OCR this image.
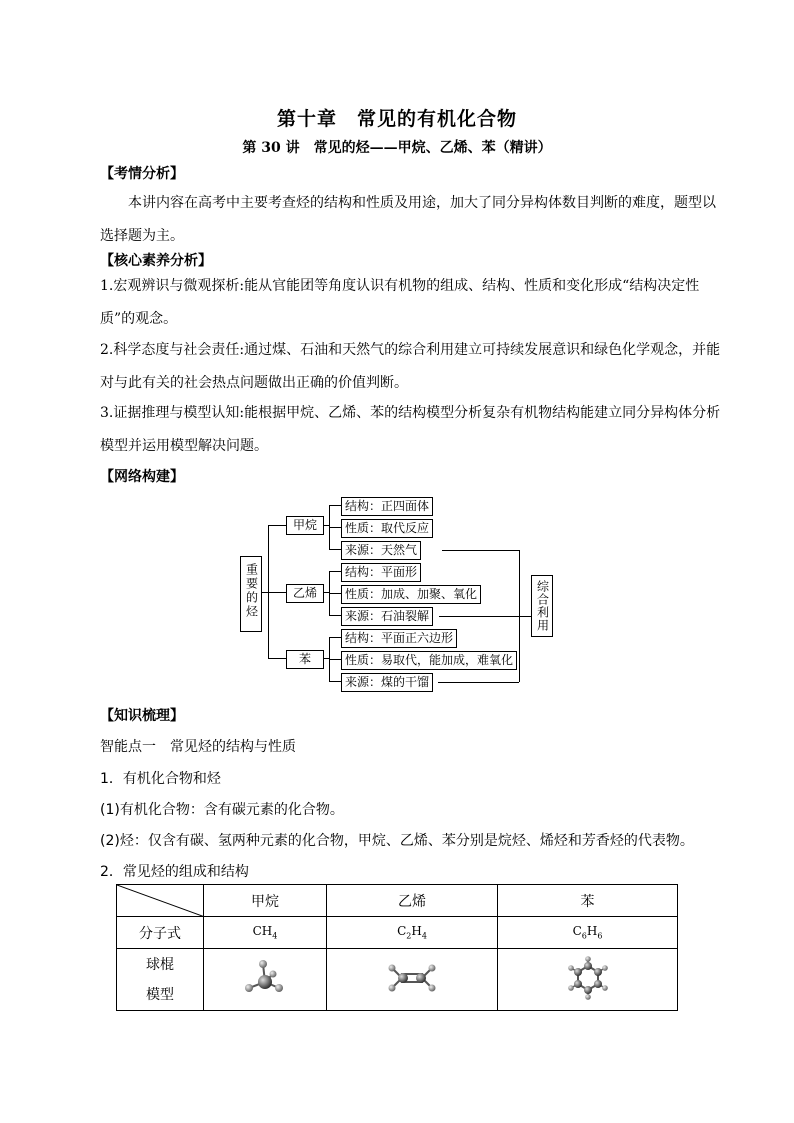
第十章　常见的有机化合物
第 30 讲　常见的烃——甲烷、乙烯、苯（精讲）
【考情分析】
本讲内容在高考中主要考查烃的结构和性质及用途，加大了同分异构体数目判断的难度，题型以选择题为主。
【核心素养分析】
1.宏观辨识与微观探析:能从官能团等角度认识有机物的组成、结构、性质和变化形成“结构决定性质”的观念。
2.科学态度与社会责任:通过煤、石油和天然气的综合利用建立可持续发展意识和绿色化学观念，并能对与此有关的社会热点问题做出正确的价值判断。
3.证据推理与模型认知:能根据甲烷、乙烯、苯的结构模型分析复杂有机物结构能建立同分异构体分析模型并运用模型解决问题。
【网络构建】
重要的烃	综合利用
甲烷
乙烯
苯
结构：正四面体
性质：取代反应
来源：天然气
结构：平面形
性质：加成、加聚、氧化
来源：石油裂解
结构：平面正六边形
性质：易取代，能加成，难氧化
来源：煤的干馏
【知识梳理】
智能点一　常见烃的结构与性质
1．有机化合物和烃
(1)有机化合物：含有碳元素的化合物。
(2)烃：仅含有碳、氢两种元素的化合物，甲烷、乙烯、苯分别是烷烃、烯烃和芳香烃的代表物。
2．常见烃的组成和结构
	甲烷	乙烯	苯
分子式	$CH_4$	$C_2H_4$	$C_6H_6$

球棍
模型
